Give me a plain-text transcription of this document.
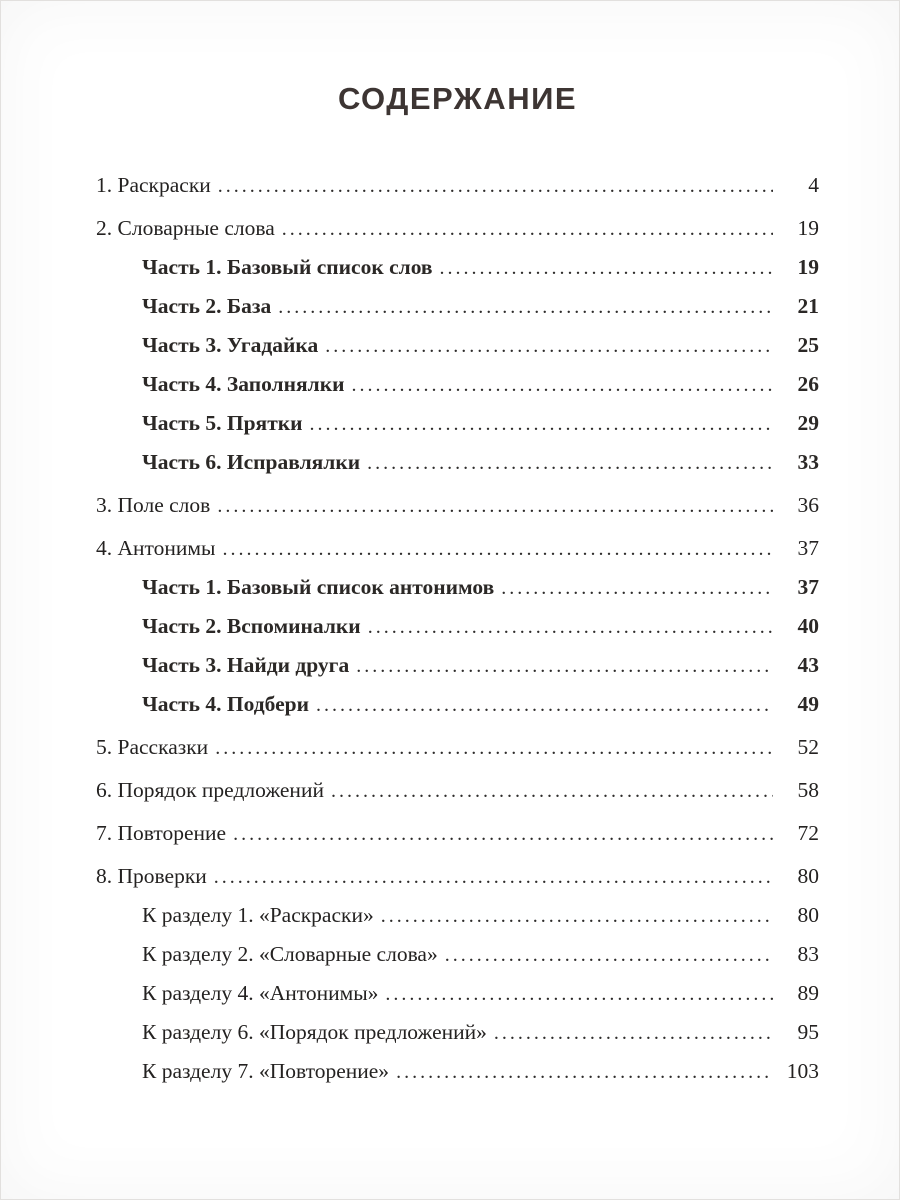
СОДЕРЖАНИЕ
1. Раскраски .....	4
2. Словарные слова .....	19
Часть 1. Базовый список слов .....	19
Часть 2. База .....	21
Часть 3. Угадайка .....	25
Часть 4. Заполнялки .....	26
Часть 5. Прятки .....	29
Часть 6. Исправлялки .....	33
3. Поле слов .....	36
4. Антонимы .....	37
Часть 1. Базовый список антонимов .....	37
Часть 2. Вспоминалки .....	40
Часть 3. Найди друга .....	43
Часть 4. Подбери .....	49
5. Рассказки .....	52
6. Порядок предложений .....	58
7. Повторение .....	72
8. Проверки .....	80
К разделу 1. «Раскраски» .....	80
К разделу 2. «Словарные слова» .....	83
К разделу 4. «Антонимы» .....	89
К разделу 6. «Порядок предложений» .....	95
К разделу 7. «Повторение» .....	103
